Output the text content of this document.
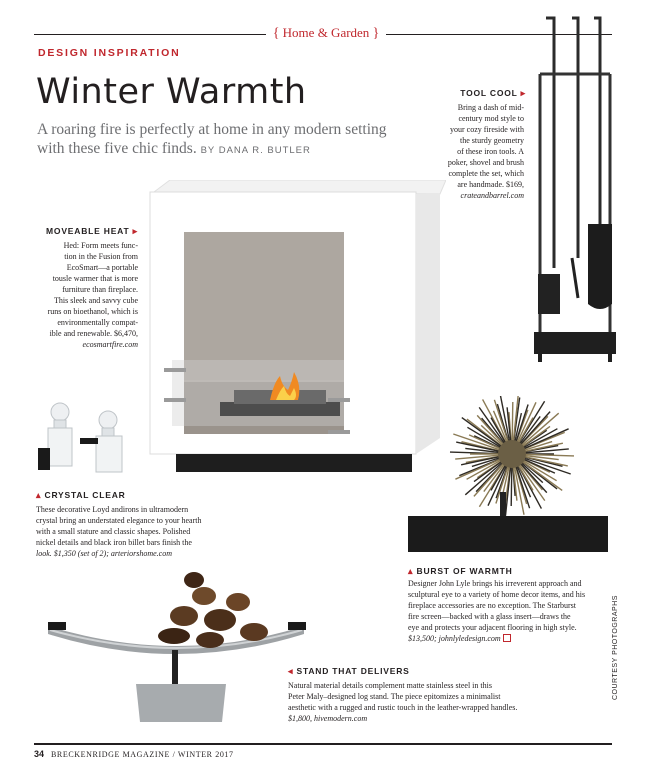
{ Home & Garden }
DESIGN INSPIRATION
Winter Warmth
A roaring fire is perfectly at home in any modern setting with these five chic finds. BY DANA R. BUTLER
TOOL COOL ▸
Bring a dash of mid-
century mod style to
your cozy fireside with
the sturdy geometry
of these iron tools. A
poker, shovel and brush
complete the set, which
are handmade. $169,
crateandbarrel.com
MOVEABLE HEAT ▸
Hed: Form meets func-
tion in the Fusion from
EcoSmart—a portable
tousle warmer that is more
furniture than fireplace.
This sleek and savvy cube
runs on bioethanol, which is
environmentally compat-
ible and renewable. $6,470,
ecosmartfire.com
▴ CRYSTAL CLEAR
These decorative Loyd andirons in ultramodern
crystal bring an understated elegance to your hearth
with a small stature and classic shapes. Polished
nickel details and black iron billet bars finish the
look. $1,350 (set of 2); arteriorshome.com
▴ BURST OF WARMTH
Designer John Lyle brings his irreverent approach and
sculptural eye to a variety of home decor items, and his
fireplace accessories are no exception. The Starburst
fire screen—backed with a glass insert—draws the
eye and protects your adjacent flooring in high style.
$13,500; johnlyledesign.com
◂ STAND THAT DELIVERS
Natural material details complement matte stainless steel in this
Peter Maly–designed log stand. The piece epitomizes a minimalist
aesthetic with a rugged and rustic touch in the leather-wrapped handles.
$1,800, hivemodern.com
COURTESY PHOTOGRAPHS
34 BRECKENRIDGE MAGAZINE / WINTER 2017
